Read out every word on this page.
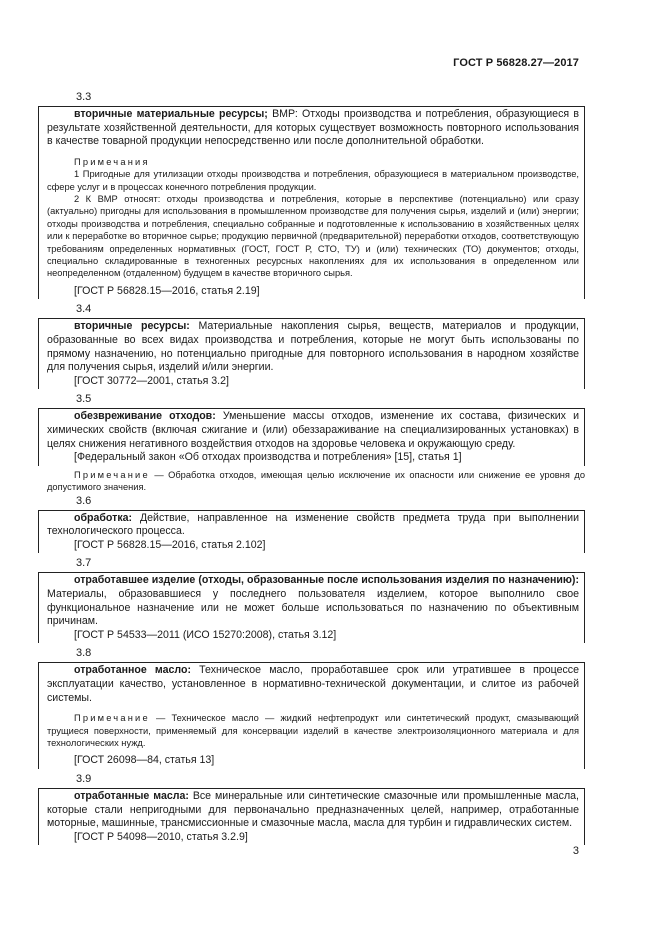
ГОСТ Р 56828.27—2017

3.3

вторичные материальные ресурсы; ВМР: Отходы производства и потребления, образующиеся в результате хозяйственной деятельности, для которых существует возможность повторного использования в качестве товарной продукции непосредственно или после дополнительной обработки.

Примечания

1 Пригодные для утилизации отходы производства и потребления, образующиеся в материальном производстве, сфере услуг и в процессах конечного потребления продукции.

2 К ВМР относят: отходы производства и потребления, которые в перспективе (потенциально) или сразу (актуально) пригодны для использования в промышленном производстве для получения сырья, изделий и (или) энергии; отходы производства и потребления, специально собранные и подготовленные к использованию в хозяйственных целях или к переработке во вторичное сырье; продукцию первичной (предварительной) переработки отходов, соответствующую требованиям определенных нормативных (ГОСТ, ГОСТ Р, СТО, ТУ) и (или) технических (ТО) документов; отходы, специально складированные в техногенных ресурсных накоплениях для их использования в определенном или неопределенном (отдаленном) будущем в качестве вторичного сырья.

[ГОСТ Р 56828.15—2016, статья 2.19]

3.4

вторичные ресурсы: Материальные накопления сырья, веществ, материалов и продукции, образованные во всех видах производства и потребления, которые не могут быть использованы по прямому назначению, но потенциально пригодные для повторного использования в народном хозяйстве для получения сырья, изделий и/или энергии.

[ГОСТ 30772—2001, статья 3.2]

3.5

обезвреживание отходов: Уменьшение массы отходов, изменение их состава, физических и химических свойств (включая сжигание и (или) обеззараживание на специализированных установках) в целях снижения негативного воздействия отходов на здоровье человека и окружающую среду.

[Федеральный закон «Об отходах производства и потребления» [15], статья 1]

Примечание — Обработка отходов, имеющая целью исключение их опасности или снижение ее уровня до допустимого значения.

3.6

обработка: Действие, направленное на изменение свойств предмета труда при выполнении технологического процесса.

[ГОСТ Р 56828.15—2016, статья 2.102]

3.7

отработавшее изделие (отходы, образованные после использования изделия по назначению): Материалы, образовавшиеся у последнего пользователя изделием, которое выполнило свое функциональное назначение или не может больше использоваться по назначению по объективным причинам.

[ГОСТ Р 54533—2011 (ИСО 15270:2008), статья 3.12]

3.8

отработанное масло: Техническое масло, проработавшее срок или утратившее в процессе эксплуатации качество, установленное в нормативно-технической документации, и слитое из рабочей системы.

Примечание — Техническое масло — жидкий нефтепродукт или синтетический продукт, смазывающий трущиеся поверхности, применяемый для консервации изделий в качестве электроизоляционного материала и для технологических нужд.

[ГОСТ 26098—84, статья 13]

3.9

отработанные масла: Все минеральные или синтетические смазочные или промышленные масла, которые стали непригодными для первоначально предназначенных целей, например, отработанные моторные, машинные, трансмиссионные и смазочные масла, масла для турбин и гидравлических систем.

[ГОСТ Р 54098—2010, статья 3.2.9]

3
